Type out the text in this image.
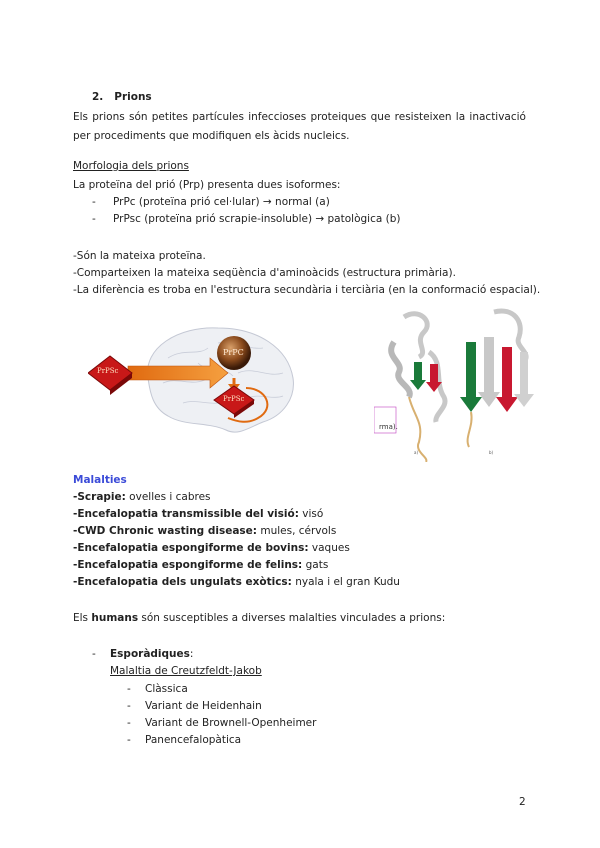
2. Prions
Els prions són petites partícules infeccioses proteiques que resisteixen la inactivació per procediments que modifiquen els àcids nucleics.
Morfologia dels prions
La proteïna del prió (Prp) presenta dues isoformes:
- PrPc (proteïna prió cel·lular) → normal (a)
- PrPsc (proteïna prió scrapie-insoluble) → patològica (b)
-Són la mateixa proteïna.
-Comparteixen la mateixa seqüència d'aminoàcids (estructura primària).
-La diferència es troba en l'estructura secundària i terciària (en la conformació espacial).
PrPSc
PrPC
PrPSc
rma).
a)	b)
Malalties
-Scrapie: ovelles i cabres
-Encefalopatia transmissible del visió: visó
-CWD Chronic wasting disease: mules, cérvols
-Encefalopatia espongiforme de bovins: vaques
-Encefalopatia espongiforme de felins: gats
-Encefalopatia dels ungulats exòtics: nyala i el gran Kudu
Els humans són susceptibles a diverses malalties vinculades a prions:
- Esporàdiques:
Malaltia de Creutzfeldt-Jakob
- Clàssica
- Variant de Heidenhain
- Variant de Brownell-Openheimer
- Panencefalopàtica
2
